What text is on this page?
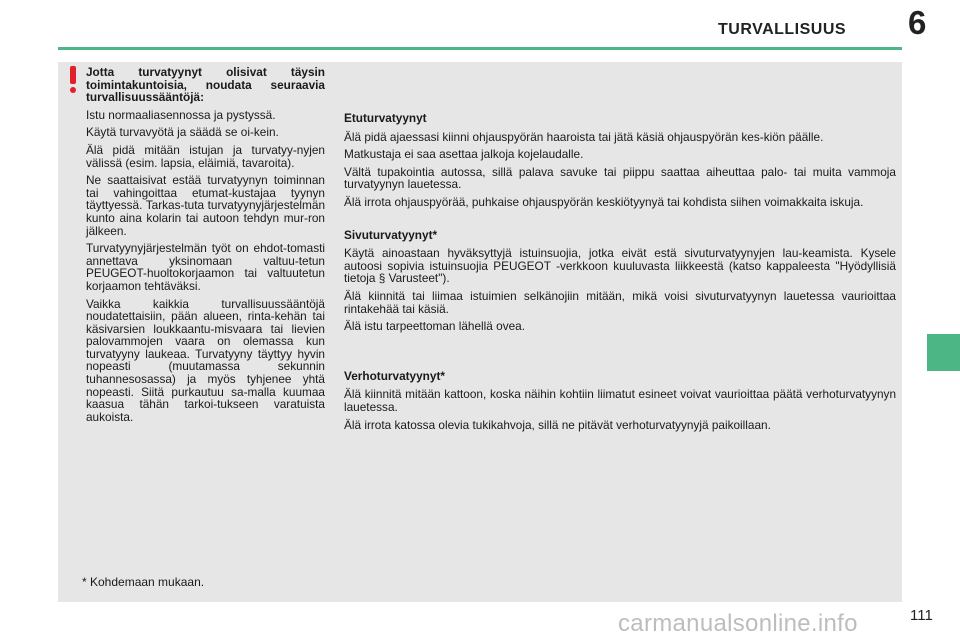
TURVALLISUUS 6

Jotta turvatyynyt olisivat täysin toimintakuntoisia, noudata seuraavia turvallisuussääntöjä:

Istu normaaliasennossa ja pystyssä.

Käytä turvavyötä ja säädä se oi-kein.

Älä pidä mitään istujan ja turvatyy-nyjen välissä (esim. lapsia, eläimiä, tavaroita).

Ne saattaisivat estää turvatyynyn toiminnan tai vahingoittaa etumat-kustajaa tyynyn täyttyessä. Tarkas-tuta turvatyynyjärjestelmän kunto aina kolarin tai autoon tehdyn mur-ron jälkeen.

Turvatyynyjärjestelmän työt on ehdot-tomasti annettava yksinomaan valtuu-tetun PEUGEOT-huoltokorjaamon tai valtuutetun korjaamon tehtäväksi.

Vaikka kaikkia turvallisuussääntöjä noudatettaisiin, pään alueen, rinta-kehän tai käsivarsien loukkaantu-misvaara tai lievien palovammojen vaara on olemassa kun turvatyyny laukeaa. Turvatyyny täyttyy hyvin nopeasti (muutamassa sekunnin tuhannesosassa) ja myös tyhjenee yhtä nopeasti. Siitä purkautuu sa-malla kuumaa kaasua tähän tarkoi-tukseen varatuista aukoista.

Etuturvatyynyt

Älä pidä ajaessasi kiinni ohjauspyörän haaroista tai jätä käsiä ohjauspyörän kes-kiön päälle.

Matkustaja ei saa asettaa jalkoja kojelaudalle.

Vältä tupakointia autossa, sillä palava savuke tai piippu saattaa aiheuttaa palo- tai muita vammoja turvatyynyn lauetessa.

Älä irrota ohjauspyörää, puhkaise ohjauspyörän keskiötyynyä tai kohdista siihen voimakkaita iskuja.

Sivuturvatyynyt*

Käytä ainoastaan hyväksyttyjä istuinsuojia, jotka eivät estä sivuturvatyynyjen lau-keamista. Kysele autoosi sopivia istuinsuojia PEUGEOT -verkkoon kuuluvasta liikkeestä (katso kappaleesta "Hyödyllisiä tietoja § Varusteet").

Älä kiinnitä tai liimaa istuimien selkänojiin mitään, mikä voisi sivuturvatyynyn lauetessa vaurioittaa rintakehää tai käsiä.

Älä istu tarpeettoman lähellä ovea.

Verhoturvatyynyt*

Älä kiinnitä mitään kattoon, koska näihin kohtiin liimatut esineet voivat vaurioittaa päätä verhoturvatyynyn lauetessa.

Älä irrota katossa olevia tukikahvoja, sillä ne pitävät verhoturvatyynyjä paikoillaan.

* Kohdemaan mukaan.
carmanualsonline.info	111
